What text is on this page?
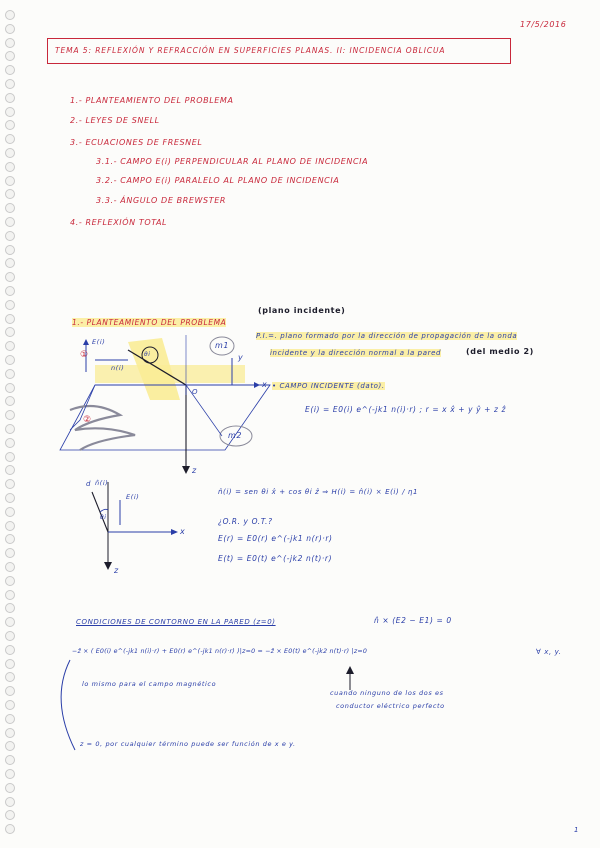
17/5/2016
TEMA 5: REFLEXIÓN Y REFRACCIÓN EN SUPERFICIES PLANAS. II: INCIDENCIA OBLICUA
1.- PLANTEAMIENTO DEL PROBLEMA
2.- LEYES DE SNELL
3.- ECUACIONES DE FRESNEL
3.1.- CAMPO E(i) PERPENDICULAR AL PLANO DE INCIDENCIA
3.2.- CAMPO E(i) PARALELO AL PLANO DE INCIDENCIA
3.3.- ÁNGULO DE BREWSTER
4.- REFLEXIÓN TOTAL
1.- PLANTEAMIENTO DEL PROBLEMA
(plano incidente)
P.I.=. plano formado por la dirección de propagación de la onda
incidente y la dirección normal a la pared	(del medio 2)
• CAMPO INCIDENTE (dato).
E(i) = E0(i) e^(-jk1 n(i)·r) ; r = x x̂ + y ŷ + z ẑ
n̂(i) = sen θi x̂ + cos θi ẑ ⇒ H(i) = n̂(i) × E(i) / η1
¿O.R. y O.T.?
E(r) = E0(r) e^(-jk1 n(r)·r)
E(t) = E0(t) e^(-jk2 n(t)·r)
m1
m2
①
②
θi
E(i)
n(i)
x
y
z
O
n̂(i)
E(i)
θi
x
z
d
CONDICIONES DE CONTORNO EN LA PARED (z=0)	n̂ × (E2 − E1) = 0
−ẑ × ( E0(i) e^(-jk1 n(i)·r) + E0(r) e^(-jk1 n(r)·r) )|z=0 = −ẑ × E0(t) e^(-jk2 n(t)·r) |z=0	∀ x, y.
lo mismo para el campo magnético
cuando ninguno de los dos es
conductor eléctrico perfecto
z = 0, por cualquier término puede ser función de x e y.
1
